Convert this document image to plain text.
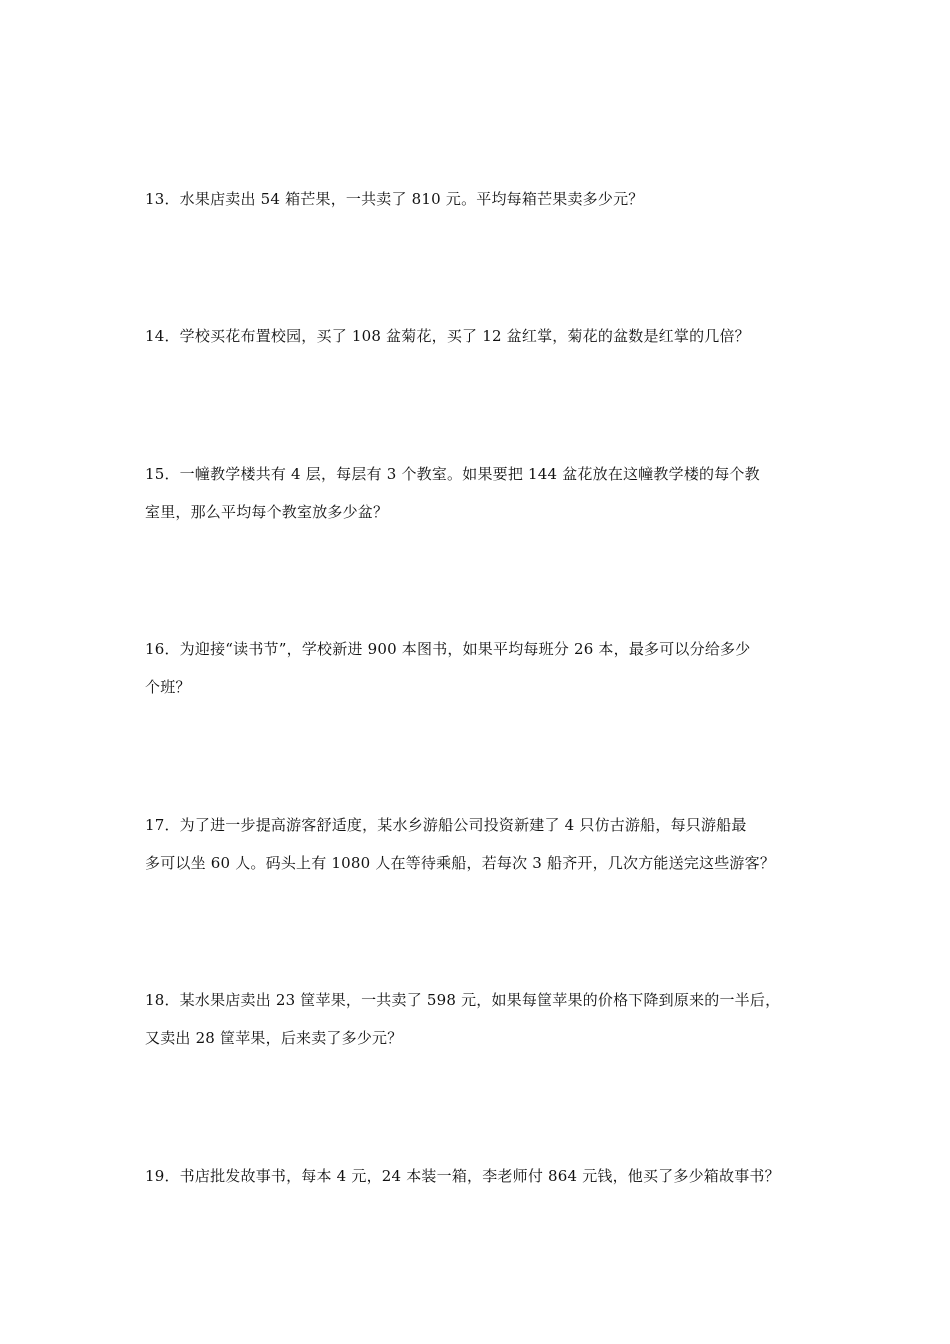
13．水果店卖出 54 箱芒果，一共卖了 810 元。平均每箱芒果卖多少元？
14．学校买花布置校园，买了 108 盆菊花，买了 12 盆红掌，菊花的盆数是红掌的几倍？
15．一幢教学楼共有 4 层，每层有 3 个教室。如果要把 144 盆花放在这幢教学楼的每个教
室里，那么平均每个教室放多少盆？
16．为迎接“读书节”，学校新进 900 本图书，如果平均每班分 26 本，最多可以分给多少
个班？
17．为了进一步提高游客舒适度，某水乡游船公司投资新建了 4 只仿古游船，每只游船最
多可以坐 60 人。码头上有 1080 人在等待乘船，若每次 3 船齐开，几次方能送完这些游客？
18．某水果店卖出 23 筐苹果，一共卖了 598 元，如果每筐苹果的价格下降到原来的一半后，
又卖出 28 筐苹果，后来卖了多少元？
19．书店批发故事书，每本 4 元，24 本装一箱，李老师付 864 元钱，他买了多少箱故事书？
